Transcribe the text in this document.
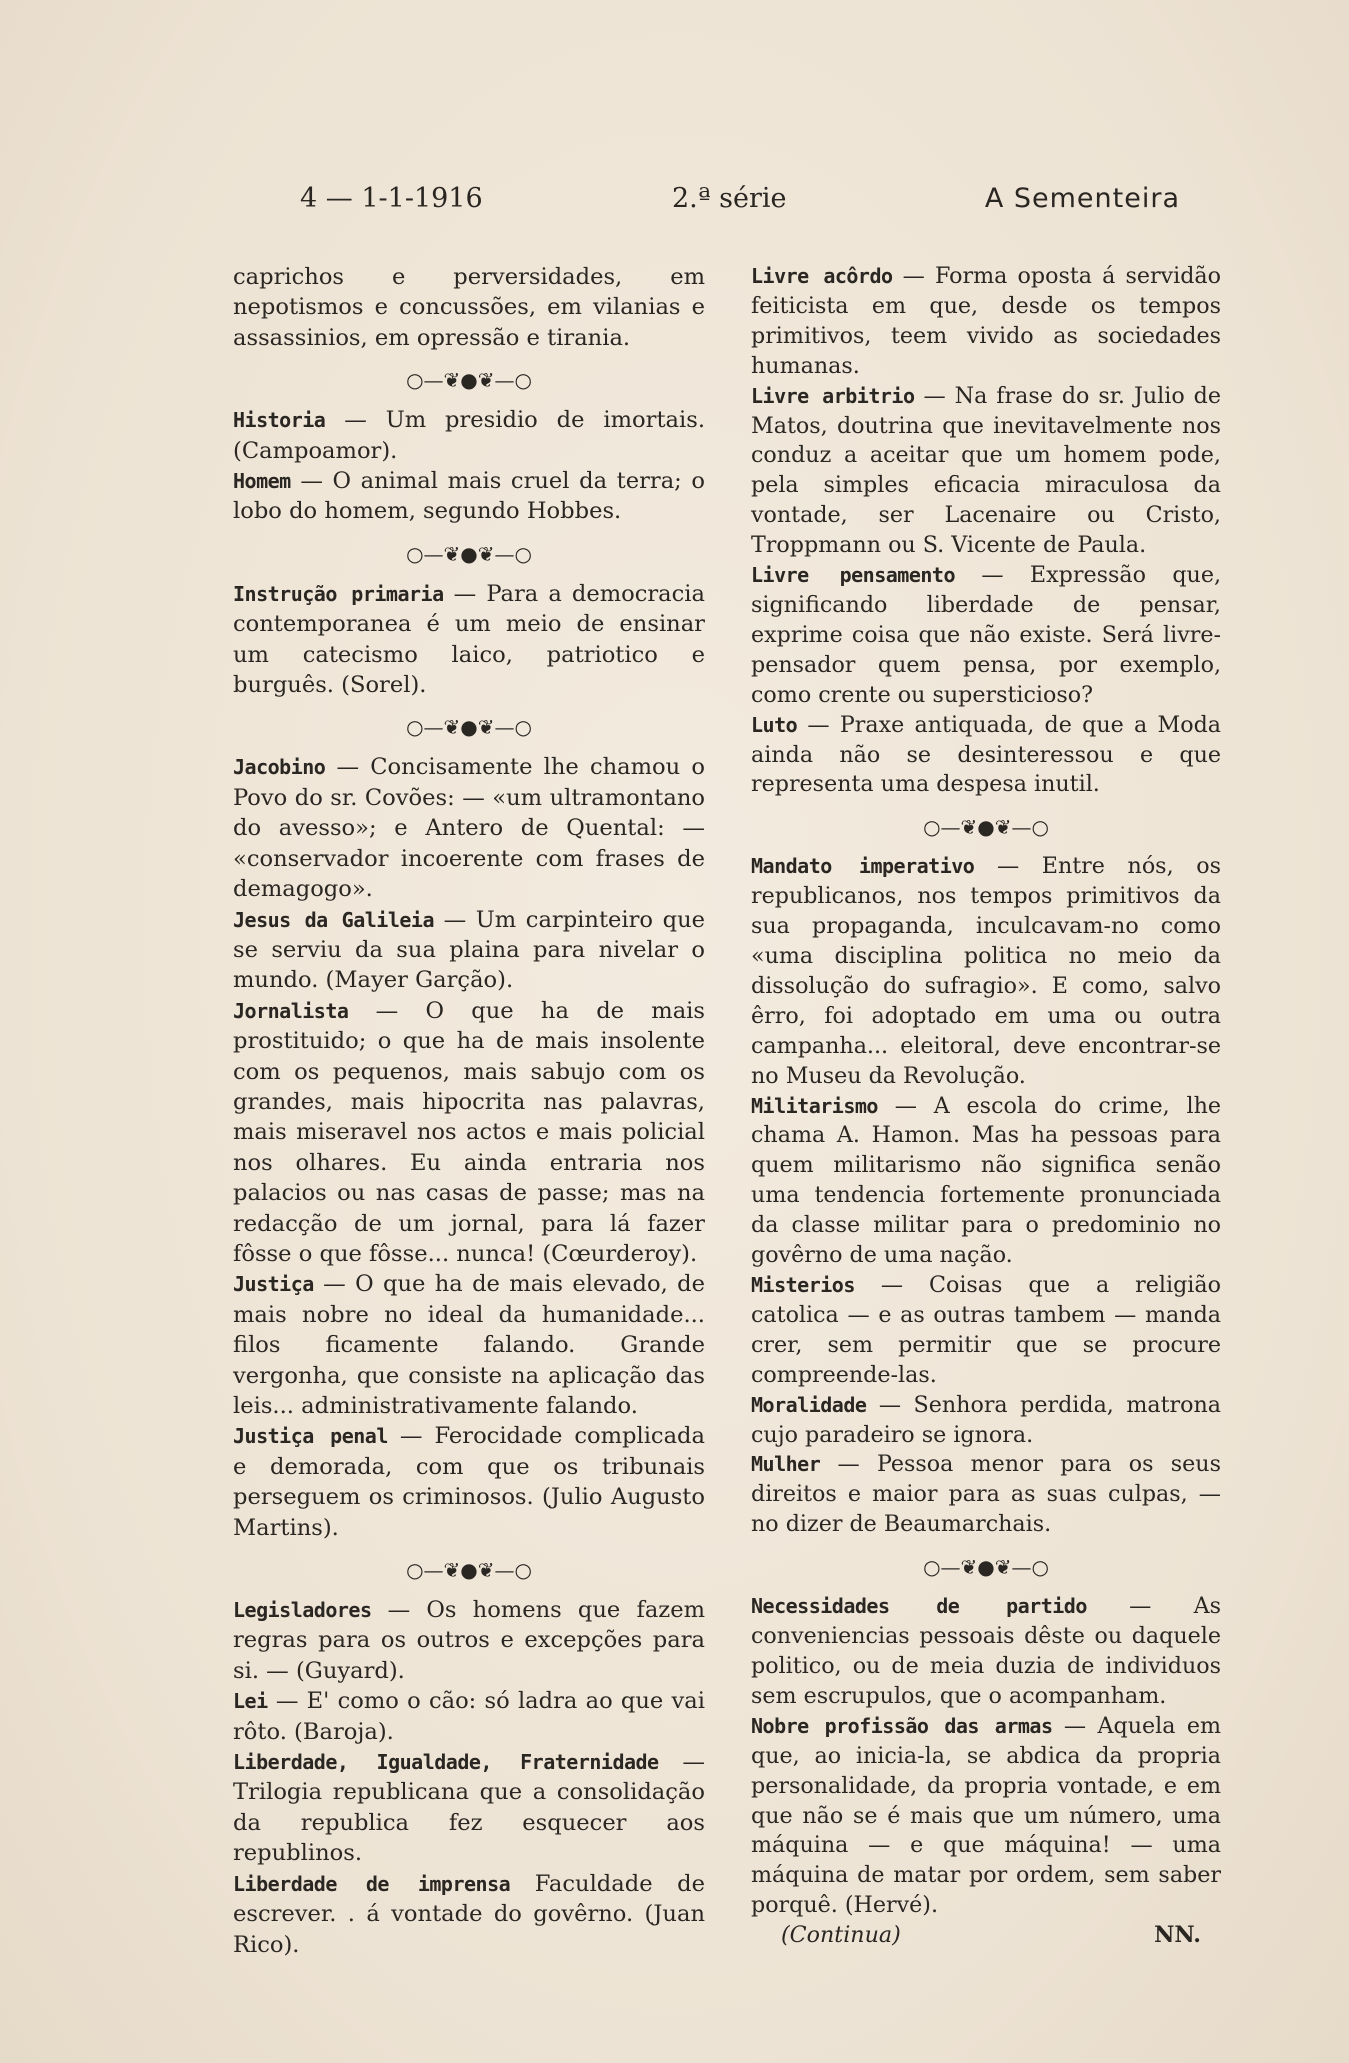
4 — 1-1-1916	2.ª série	A Sementeira

caprichos e perversidades, em nepotismos e concussões, em vilanias e assassinios, em opressão e tirania.

○—❦●❦—○

Historia — Um presidio de imortais. (Campoamor).

Homem — O animal mais cruel da terra; o lobo do homem, segundo Hobbes.

○—❦●❦—○

Instrução primaria — Para a democracia contemporanea é um meio de ensinar um catecismo laico, patriotico e burguês. (Sorel).

○—❦●❦—○

Jacobino — Concisamente lhe chamou o Povo do sr. Covões: — «um ultramontano do avesso»; e Antero de Quental: — «conservador incoerente com frases de demagogo».

Jesus da Galileia — Um carpinteiro que se serviu da sua plaina para nivelar o mundo. (Mayer Garção).

Jornalista — O que ha de mais prostituido; o que ha de mais insolente com os pequenos, mais sabujo com os grandes, mais hipocrita nas palavras, mais miseravel nos actos e mais policial nos olhares. Eu ainda entraria nos palacios ou nas casas de passe; mas na redacção de um jornal, para lá fazer fôsse o que fôsse... nunca! (Cœurderoy).

Justiça — O que ha de mais elevado, de mais nobre no ideal da humanidade... filos ficamente falando. Grande vergonha, que consiste na aplicação das leis... administrativamente falando.

Justiça penal — Ferocidade complicada e demorada, com que os tribunais perseguem os criminosos. (Julio Augusto Martins).

○—❦●❦—○

Legisladores — Os homens que fazem regras para os outros e excepções para si. — (Guyard).

Lei — E' como o cão: só ladra ao que vai rôto. (Baroja).

Liberdade, Igualdade, Fraternidade — Trilogia republicana que a consolidação da republica fez esquecer aos republinos.

Liberdade de imprensa Faculdade de escrever. . á vontade do govêrno. (Juan Rico).

Livre acôrdo — Forma oposta á servidão feiticista em que, desde os tempos primitivos, teem vivido as sociedades humanas.

Livre arbitrio — Na frase do sr. Julio de Matos, doutrina que inevitavelmente nos conduz a aceitar que um homem pode, pela simples eficacia miraculosa da vontade, ser Lacenaire ou Cristo, Troppmann ou S. Vicente de Paula.

Livre pensamento — Expressão que, significando liberdade de pensar, exprime coisa que não existe. Será livre-pensador quem pensa, por exemplo, como crente ou supersticioso?

Luto — Praxe antiquada, de que a Moda ainda não se desinteressou e que representa uma despesa inutil.

○—❦●❦—○

Mandato imperativo — Entre nós, os republicanos, nos tempos primitivos da sua propaganda, inculcavam-no como «uma disciplina politica no meio da dissolução do sufragio». E como, salvo êrro, foi adoptado em uma ou outra campanha... eleitoral, deve encontrar-se no Museu da Revolução.

Militarismo — A escola do crime, lhe chama A. Hamon. Mas ha pessoas para quem militarismo não significa senão uma tendencia fortemente pronunciada da classe militar para o predominio no govêrno de uma nação.

Misterios — Coisas que a religião catolica — e as outras tambem — manda crer, sem permitir que se procure compreende-las.

Moralidade — Senhora perdida, matrona cujo paradeiro se ignora.

Mulher — Pessoa menor para os seus direitos e maior para as suas culpas, — no dizer de Beaumarchais.

○—❦●❦—○

Necessidades de partido — As conveniencias pessoais dêste ou daquele politico, ou de meia duzia de individuos sem escrupulos, que o acompanham.

Nobre profissão das armas — Aquela em que, ao inicia-la, se abdica da propria personalidade, da propria vontade, e em que não se é mais que um número, uma máquina — e que máquina! — uma máquina de matar por ordem, sem saber porquê. (Hervé).

(Continua)	NN.
